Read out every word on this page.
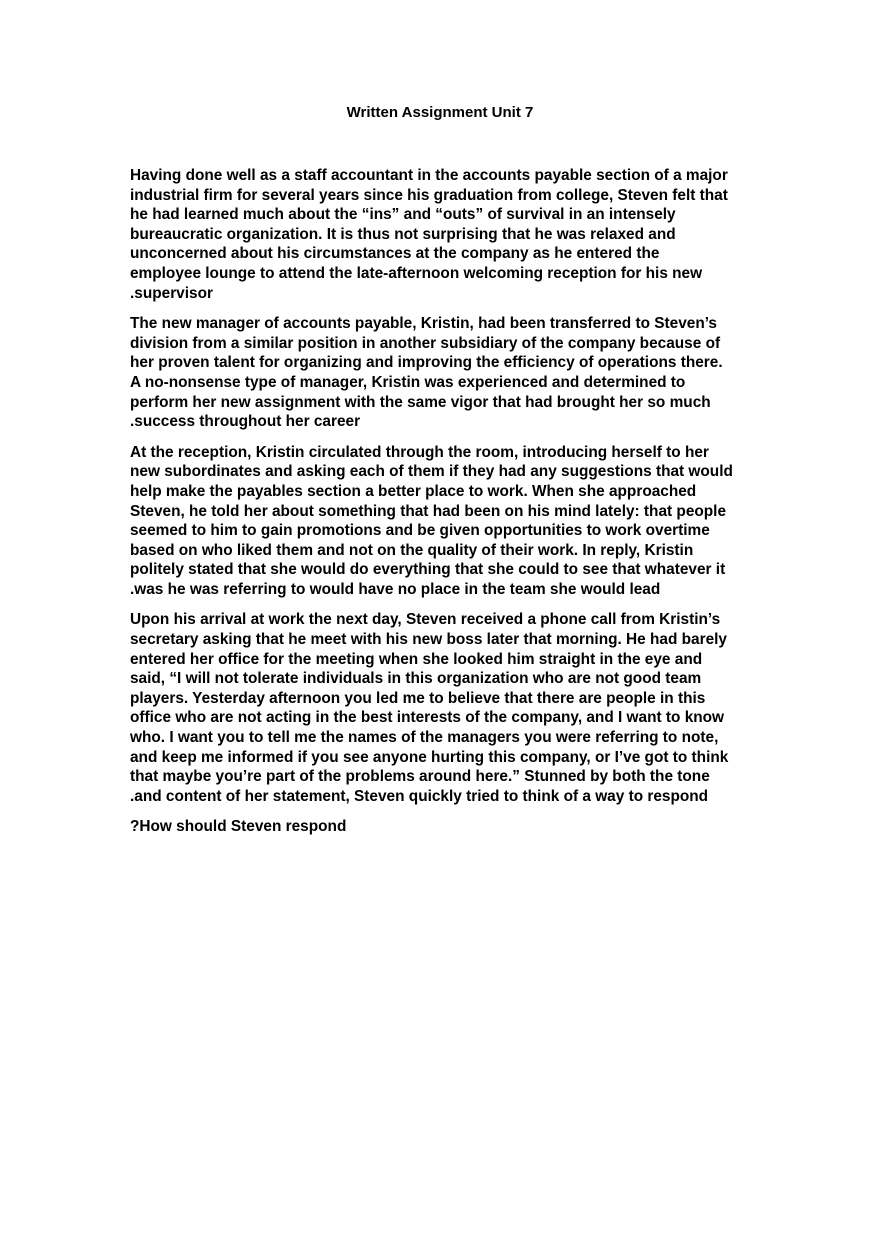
Written Assignment Unit 7

Having done well as a staff accountant in the accounts payable section of a major
industrial firm for several years since his graduation from college, Steven felt that
he had learned much about the “ins” and “outs” of survival in an intensely
bureaucratic organization. It is thus not surprising that he was relaxed and
unconcerned about his circumstances at the company as he entered the
employee lounge to attend the late-afternoon welcoming reception for his new
.supervisor

The new manager of accounts payable, Kristin, had been transferred to Steven’s
division from a similar position in another subsidiary of the company because of
her proven talent for organizing and improving the efficiency of operations there.
A no-nonsense type of manager, Kristin was experienced and determined to
perform her new assignment with the same vigor that had brought her so much
.success throughout her career

At the reception, Kristin circulated through the room, introducing herself to her
new subordinates and asking each of them if they had any suggestions that would
help make the payables section a better place to work. When she approached
Steven, he told her about something that had been on his mind lately: that people
seemed to him to gain promotions and be given opportunities to work overtime
based on who liked them and not on the quality of their work. In reply, Kristin
politely stated that she would do everything that she could to see that whatever it
.was he was referring to would have no place in the team she would lead

Upon his arrival at work the next day, Steven received a phone call from Kristin’s
secretary asking that he meet with his new boss later that morning. He had barely
entered her office for the meeting when she looked him straight in the eye and
said, “I will not tolerate individuals in this organization who are not good team
players. Yesterday afternoon you led me to believe that there are people in this
office who are not acting in the best interests of the company, and I want to know
who. I want you to tell me the names of the managers you were referring to note,
and keep me informed if you see anyone hurting this company, or I’ve got to think
that maybe you’re part of the problems around here.” Stunned by both the tone
.and content of her statement, Steven quickly tried to think of a way to respond

?How should Steven respond
